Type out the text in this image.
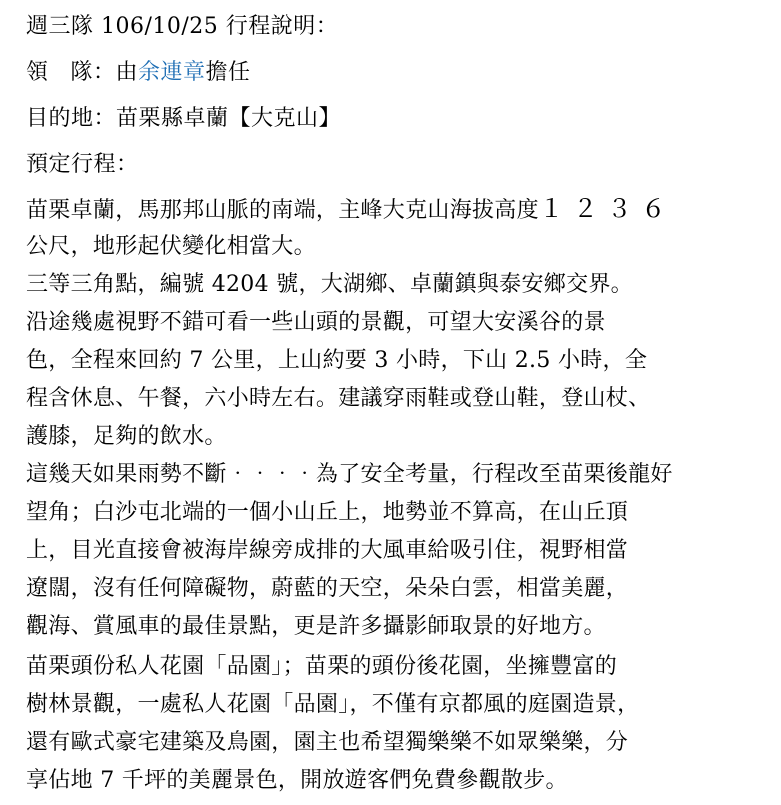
週三隊 106/10/25 行程說明：
領 隊：由余連章擔任
目的地：苗栗縣卓蘭【大克山】
預定行程：
苗栗卓蘭，馬那邦山脈的南端，主峰大克山海拔高度１２３６
公尺，地形起伏變化相當大。
三等三角點，編號 4204 號，大湖鄉、卓蘭鎮與泰安鄉交界。
沿途幾處視野不錯可看一些山頭的景觀，可望大安溪谷的景
色，全程來回約 7 公里，上山約要 3 小時，下山 2.5 小時，全
程含休息、午餐，六小時左右。建議穿雨鞋或登山鞋，登山杖、
護膝，足夠的飲水。
這幾天如果雨勢不斷‧‧‧‧為了安全考量，行程改至苗栗後龍好
望角；白沙屯北端的一個小山丘上，地勢並不算高，在山丘頂
上，目光直接會被海岸線旁成排的大風車給吸引住，視野相當
遼闊，沒有任何障礙物，蔚藍的天空，朵朵白雲，相當美麗，
觀海、賞風車的最佳景點，更是許多攝影師取景的好地方。
苗栗頭份私人花園「品園」；苗栗的頭份後花園，坐擁豐富的
樹林景觀，一處私人花園「品園」，不僅有京都風的庭園造景，
還有歐式豪宅建築及鳥園，園主也希望獨樂樂不如眾樂樂，分
享佔地 7 千坪的美麗景色，開放遊客們免費參觀散步。
